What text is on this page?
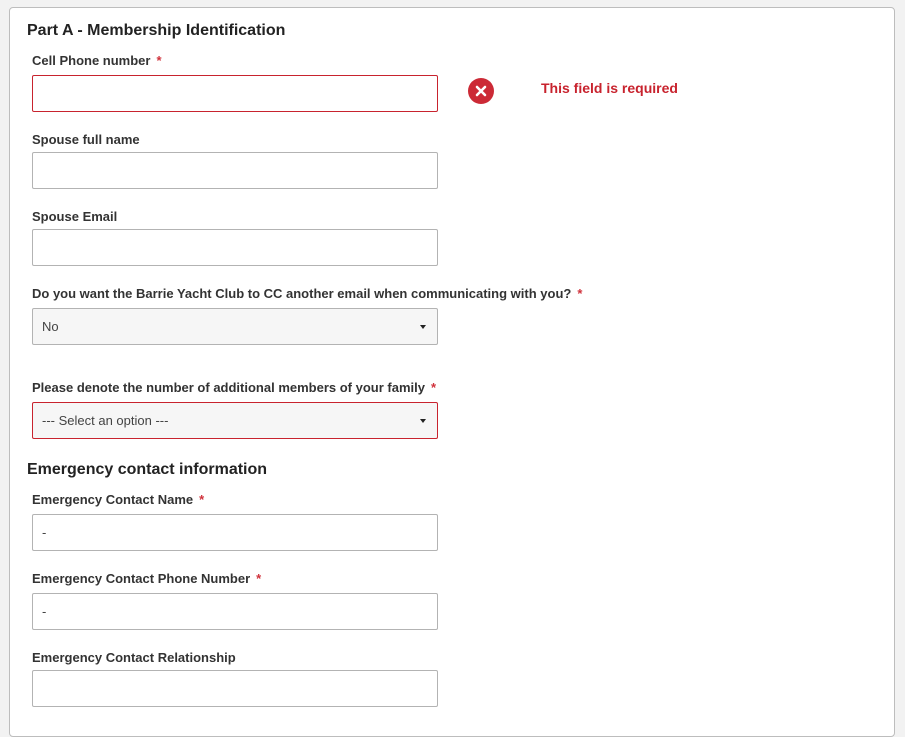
Part A - Membership Identification
Cell Phone number *
This field is required
Spouse full name
Spouse Email
Do you want the Barrie Yacht Club to CC another email when communicating with you? *
No
Please denote the number of additional members of your family *
--- Select an option ---
Emergency contact information
Emergency Contact Name *
-
Emergency Contact Phone Number *
-
Emergency Contact Relationship
